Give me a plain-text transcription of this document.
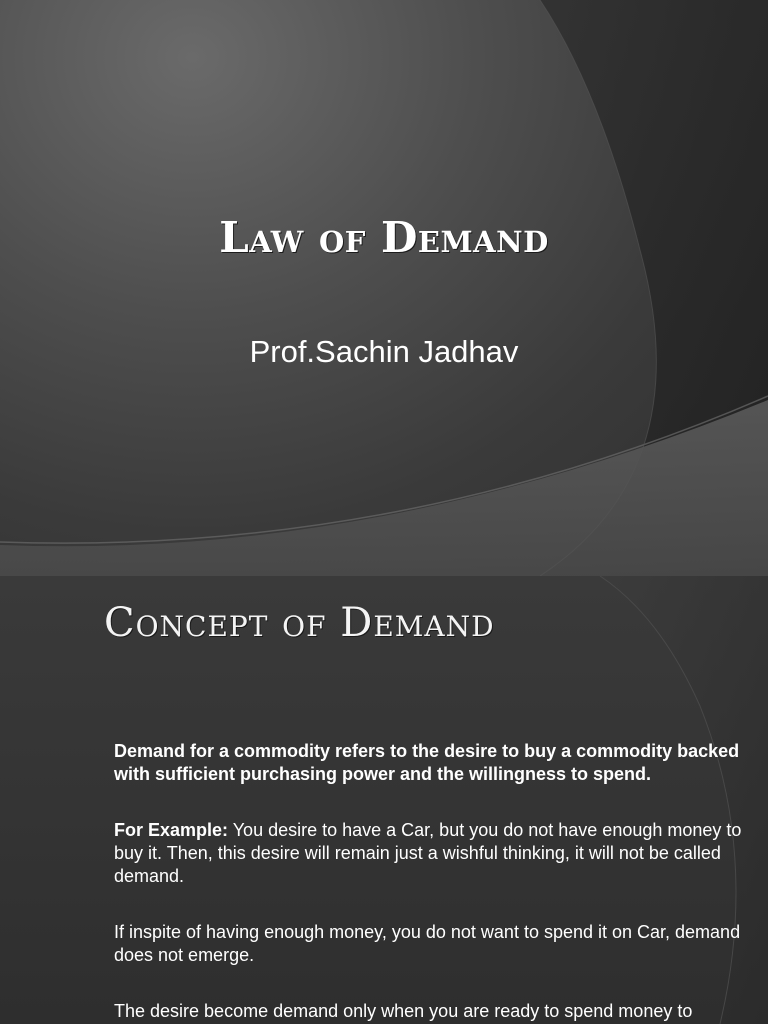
Law of Demand
Prof.Sachin Jadhav
Concept of Demand

Demand for a commodity refers to the desire to buy a commodity backed with sufficient purchasing power and the willingness to spend.

For Example: You desire to have a Car, but you do not have enough money to buy it. Then, this desire will remain just a wishful thinking, it will not be called demand.

If inspite of having enough money, you do not want to spend it on Car, demand does not emerge.

The desire become demand only when you are ready to spend money to
